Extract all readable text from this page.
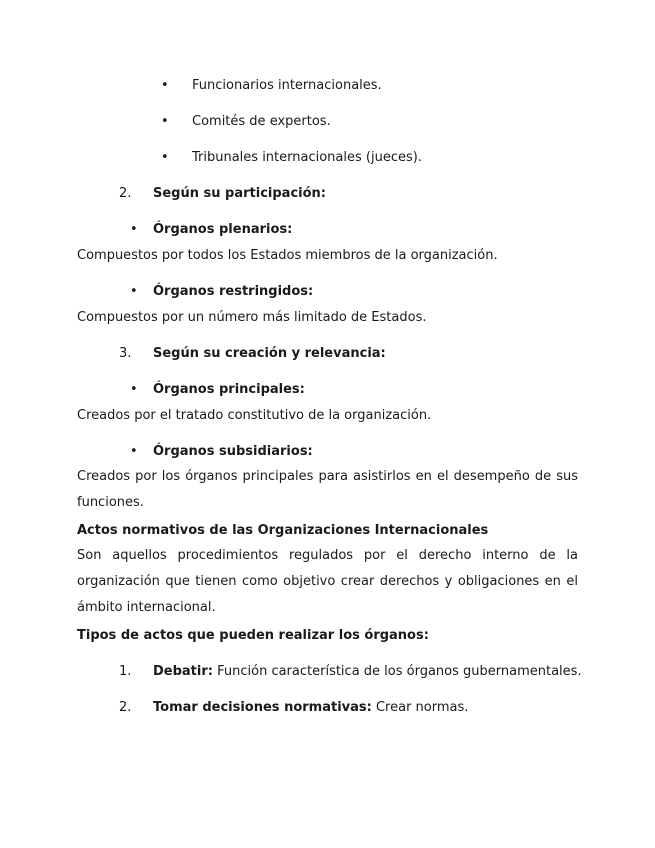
• Funcionarios internacionales.
• Comités de expertos.
• Tribunales internacionales (jueces).
2. Según su participación:
• Órganos plenarios:
Compuestos por todos los Estados miembros de la organización.
• Órganos restringidos:
Compuestos por un número más limitado de Estados.
3. Según su creación y relevancia:
• Órganos principales:
Creados por el tratado constitutivo de la organización.
• Órganos subsidiarios:
Creados por los órganos principales para asistirlos en el desempeño de sus funciones.
Actos normativos de las Organizaciones Internacionales
Son aquellos procedimientos regulados por el derecho interno de la organización que tienen como objetivo crear derechos y obligaciones en el ámbito internacional.
Tipos de actos que pueden realizar los órganos:
1. Debatir: Función característica de los órganos gubernamentales.
2. Tomar decisiones normativas: Crear normas.
